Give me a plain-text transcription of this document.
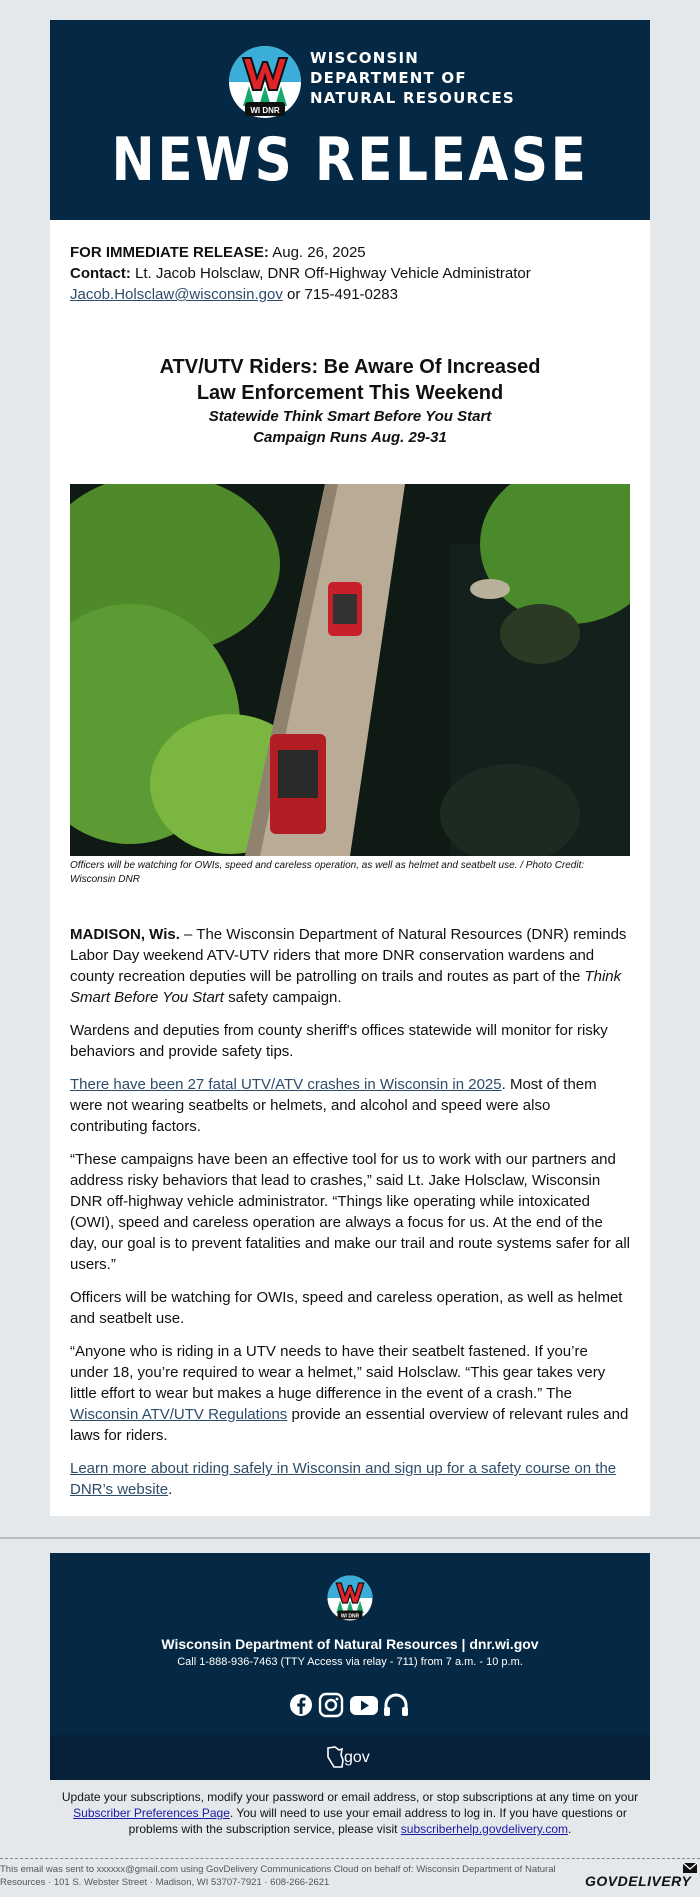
WI DNR
WISCONSIN
DEPARTMENT OF
NATURAL RESOURCES
NEWS RELEASE
FOR IMMEDIATE RELEASE: Aug. 26, 2025
Contact: Lt. Jacob Holsclaw, DNR Off-Highway Vehicle Administrator
Jacob.Holsclaw@wisconsin.gov or 715-491-0283

ATV/UTV Riders: Be Aware Of Increased

Law Enforcement This Weekend

Statewide Think Smart Before You Start

Campaign Runs Aug. 29-31

Officers will be watching for OWIs, speed and careless operation, as well as helmet and seatbelt use. / Photo Credit: Wisconsin DNR

MADISON, Wis. – The Wisconsin Department of Natural Resources (DNR) reminds Labor Day weekend ATV-UTV riders that more DNR conservation wardens and county recreation deputies will be patrolling on trails and routes as part of the Think Smart Before You Start safety campaign.

Wardens and deputies from county sheriff's offices statewide will monitor for risky behaviors and provide safety tips.

There have been 27 fatal UTV/ATV crashes in Wisconsin in 2025. Most of them were not wearing seatbelts or helmets, and alcohol and speed were also contributing factors.

“These campaigns have been an effective tool for us to work with our partners and address risky behaviors that lead to crashes,” said Lt. Jake Holsclaw, Wisconsin DNR off-highway vehicle administrator. “Things like operating while intoxicated (OWI), speed and careless operation are always a focus for us. At the end of the day, our goal is to prevent fatalities and make our trail and route systems safer for all users.”

Officers will be watching for OWIs, speed and careless operation, as well as helmet and seatbelt use.

“Anyone who is riding in a UTV needs to have their seatbelt fastened. If you’re under 18, you’re required to wear a helmet,” said Holsclaw. “This gear takes very little effort to wear but makes a huge difference in the event of a crash.” The Wisconsin ATV/UTV Regulations provide an essential overview of relevant rules and laws for riders.

Learn more about riding safely in Wisconsin and sign up for a safety course on the DNR’s website.

WI DNR
Wisconsin Department of Natural Resources | dnr.wi.gov
Call 1-888-936-7463 (TTY Access via relay - 711) from 7 a.m. - 10 p.m.
gov
Update your subscriptions, modify your password or email address, or stop subscriptions at any time on your Subscriber Preferences Page. You will need to use your email address to log in. If you have questions or problems with the subscription service, please visit subscriberhelp.govdelivery.com.
This email was sent to xxxxxx@gmail.com using GovDelivery Communications Cloud on behalf of: Wisconsin Department of Natural
Resources · 101 S. Webster Street · Madison, WI 53707-7921 · 608-266-2621	GOVDELIVERY
